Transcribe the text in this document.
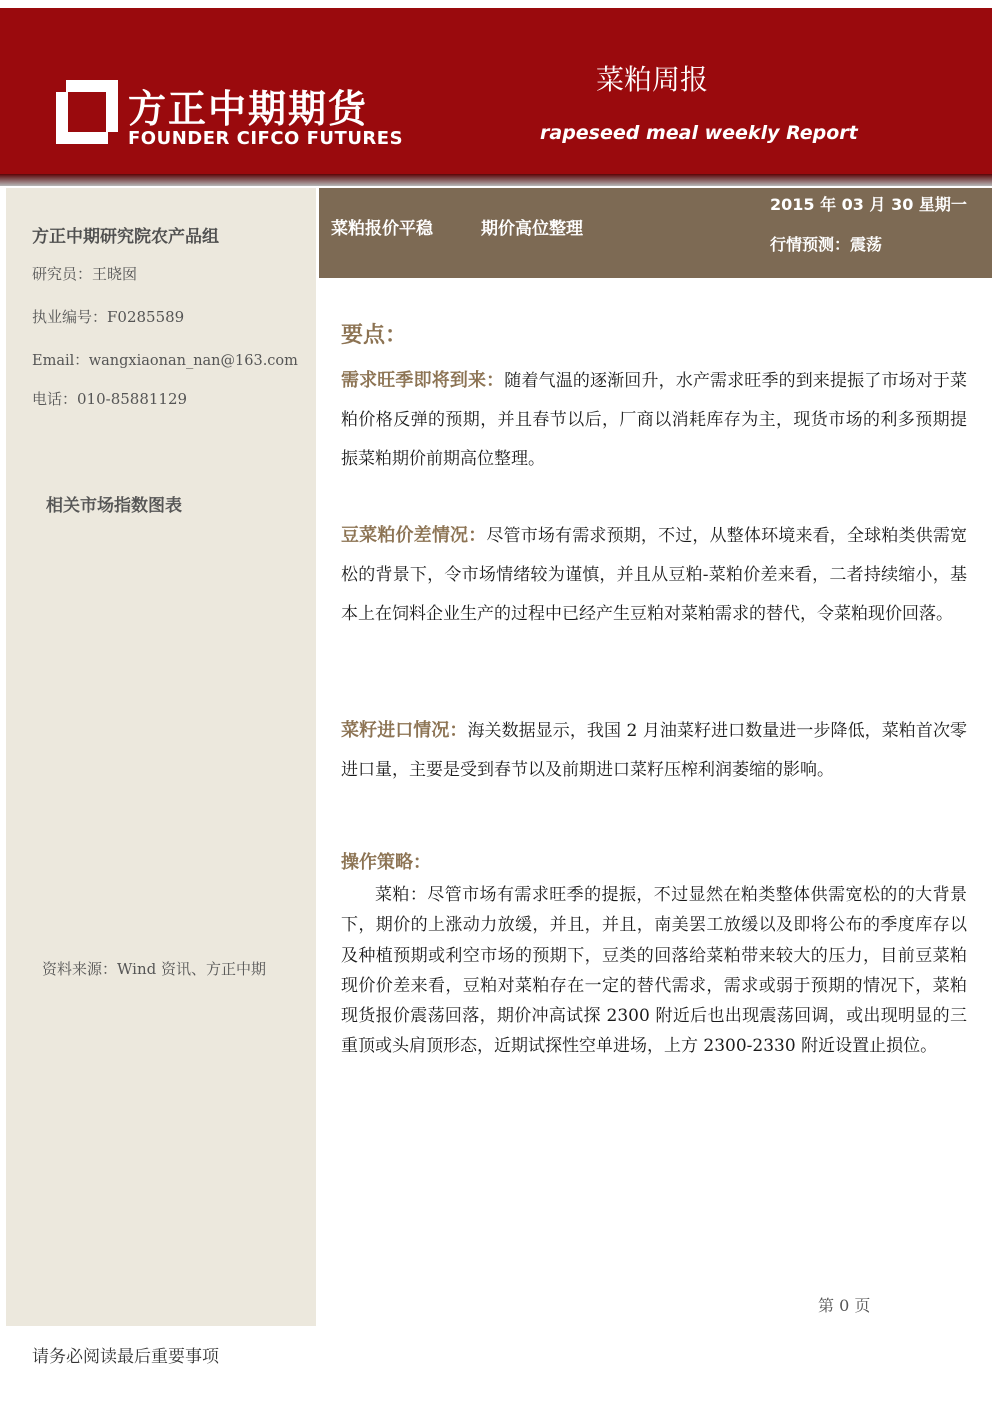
方正中期期货
FOUNDER CIFCO FUTURES
菜粕周报
rapeseed meal weekly Report
方正中期研究院农产品组
研究员：王晓囡
执业编号：F0285589
Email：wangxiaonan_nan@163.com
电话：010-85881129
相关市场指数图表
资料来源：Wind 资讯、方正中期
菜粕报价平稳	期价高位整理
2015 年 03 月 30 星期一
行情预测：震荡
要点：
需求旺季即将到来：随着气温的逐渐回升，水产需求旺季的到来提振了市场对于菜粕价格反弹的预期，并且春节以后，厂商以消耗库存为主，现货市场的利多预期提振菜粕期价前期高位整理。
豆菜粕价差情况：尽管市场有需求预期，不过，从整体环境来看，全球粕类供需宽松的背景下，令市场情绪较为谨慎，并且从豆粕-菜粕价差来看，二者持续缩小，基本上在饲料企业生产的过程中已经产生豆粕对菜粕需求的替代，令菜粕现价回落。
菜籽进口情况：海关数据显示，我国 2 月油菜籽进口数量进一步降低，菜粕首次零进口量，主要是受到春节以及前期进口菜籽压榨利润萎缩的影响。
操作策略：
菜粕：尽管市场有需求旺季的提振，不过显然在粕类整体供需宽松的的大背景下，期价的上涨动力放缓，并且，并且，南美罢工放缓以及即将公布的季度库存以及种植预期或利空市场的预期下，豆类的回落给菜粕带来较大的压力，目前豆菜粕现价价差来看，豆粕对菜粕存在一定的替代需求，需求或弱于预期的情况下，菜粕现货报价震荡回落，期价冲高试探 2300 附近后也出现震荡回调，或出现明显的三重顶或头肩顶形态，近期试探性空单进场，上方 2300-2330 附近设置止损位。
第 0 页
请务必阅读最后重要事项
